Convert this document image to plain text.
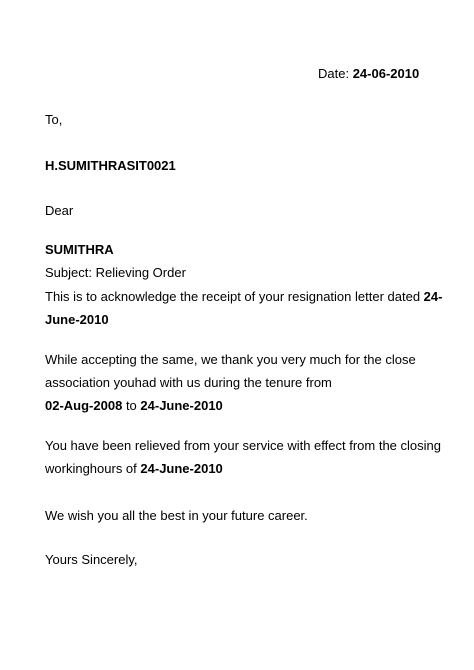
Date: 24-06-2010
To,
H.SUMITHRASIT0021
Dear
SUMITHRA
Subject: Relieving Order
This is to acknowledge the receipt of your resignation letter dated 24-
June-2010
While accepting the same, we thank you very much for the close
association youhad with us during the tenure from
02-Aug-2008 to 24-June-2010
You have been relieved from your service with effect from the closing
workinghours of 24-June-2010
We wish you all the best in your future career.
Yours Sincerely,
